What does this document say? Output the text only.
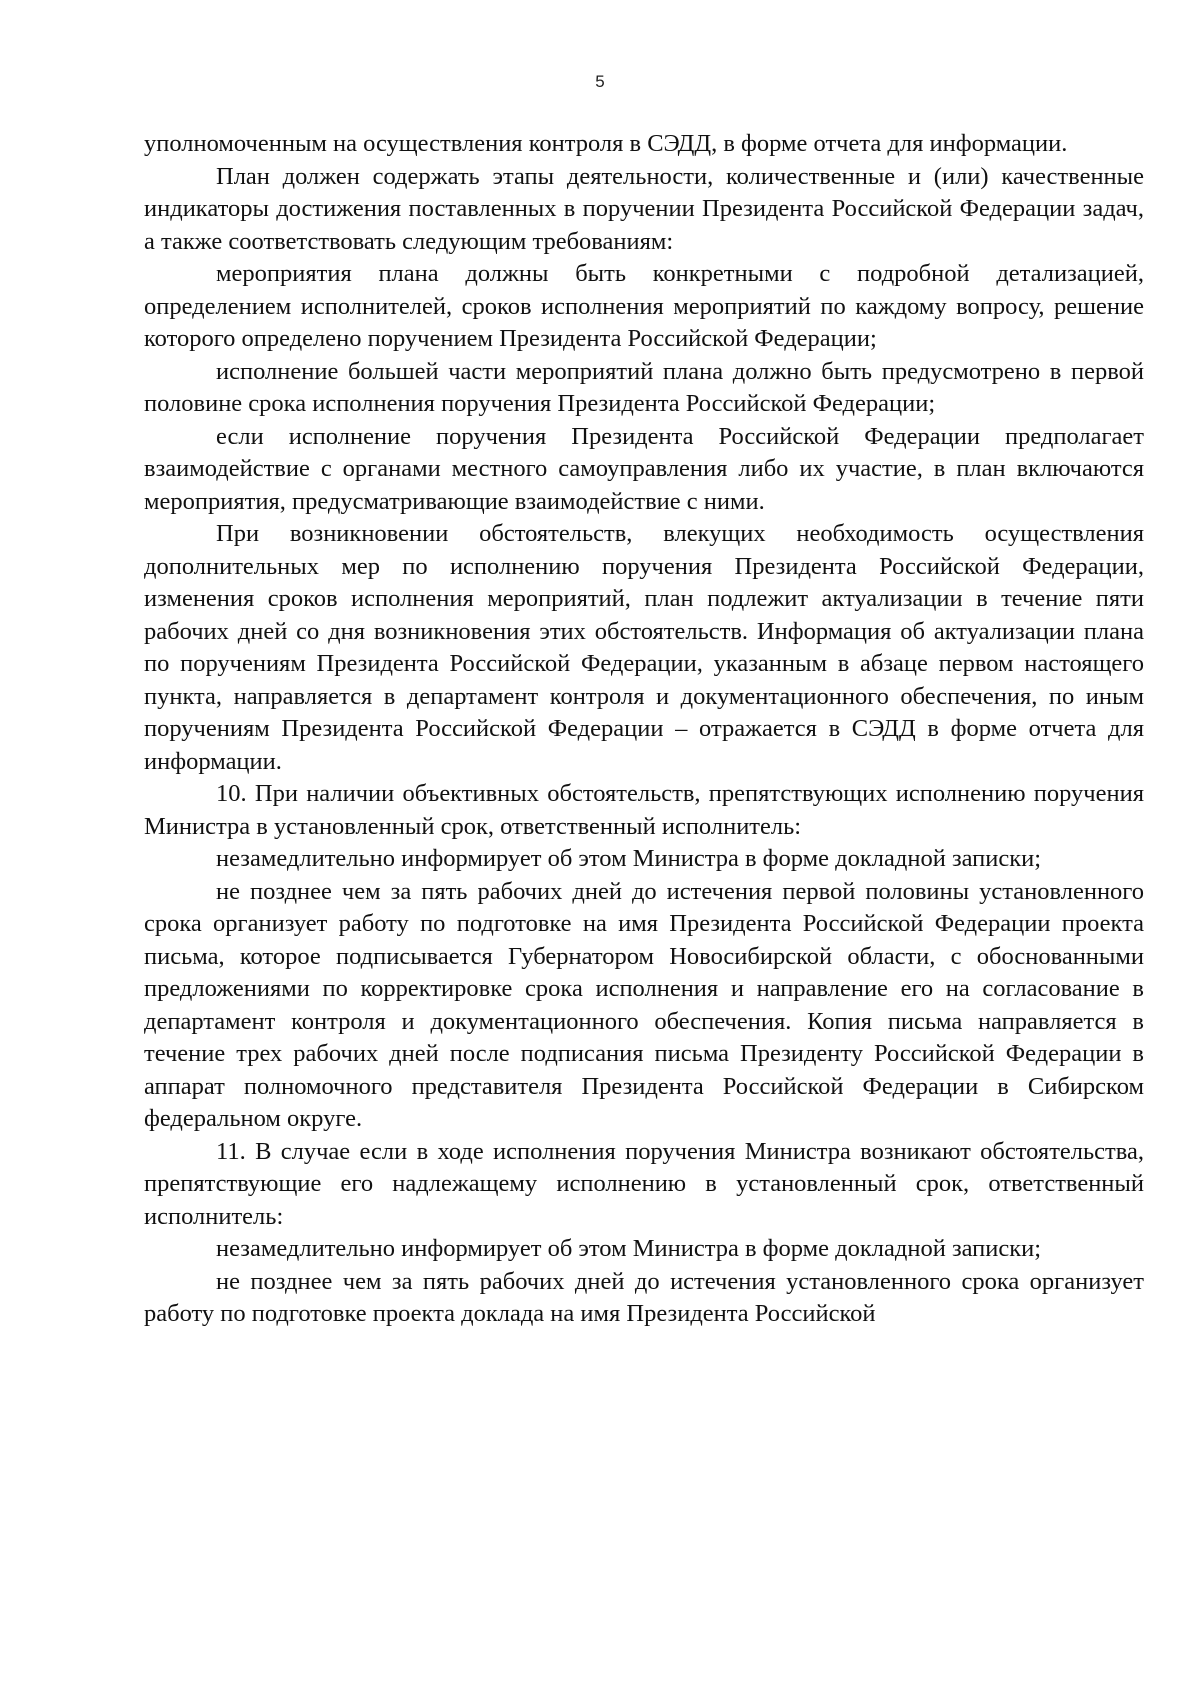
5

уполномоченным на осуществления контроля в СЭДД, в форме отчета для информации.

План должен содержать этапы деятельности, количественные и (или) качественные индикаторы достижения поставленных в поручении Президента Российской Федерации задач, а также соответствовать следующим требованиям:

мероприятия плана должны быть конкретными с подробной детализацией, определением исполнителей, сроков исполнения мероприятий по каждому вопросу, решение которого определено поручением Президента Российской Федерации;

исполнение большей части мероприятий плана должно быть предусмотрено в первой половине срока исполнения поручения Президента Российской Федерации;

если исполнение поручения Президента Российской Федерации предполагает взаимодействие с органами местного самоуправления либо их участие, в план включаются мероприятия, предусматривающие взаимодействие с ними.

При возникновении обстоятельств, влекущих необходимость осуществления дополнительных мер по исполнению поручения Президента Российской Федерации, изменения сроков исполнения мероприятий, план подлежит актуализации в течение пяти рабочих дней со дня возникновения этих обстоятельств. Информация об актуализации плана по поручениям Президента Российской Федерации, указанным в абзаце первом настоящего пункта, направляется в департамент контроля и документационного обеспечения, по иным поручениям Президента Российской Федерации – отражается в СЭДД в форме отчета для информации.

10. При наличии объективных обстоятельств, препятствующих исполнению поручения Министра в установленный срок, ответственный исполнитель:

незамедлительно информирует об этом Министра в форме докладной записки;

не позднее чем за пять рабочих дней до истечения первой половины установленного срока организует работу по подготовке на имя Президента Российской Федерации проекта письма, которое подписывается Губернатором Новосибирской области, с обоснованными предложениями по корректировке срока исполнения и направление его на согласование в департамент контроля и документационного обеспечения. Копия письма направляется в течение трех рабочих дней после подписания письма Президенту Российской Федерации в аппарат полномочного представителя Президента Российской Федерации в Сибирском федеральном округе.

11. В случае если в ходе исполнения поручения Министра возникают обстоятельства, препятствующие его надлежащему исполнению в установленный срок, ответственный исполнитель:

незамедлительно информирует об этом Министра в форме докладной записки;

не позднее чем за пять рабочих дней до истечения установленного срока организует работу по подготовке проекта доклада на имя Президента Российской
